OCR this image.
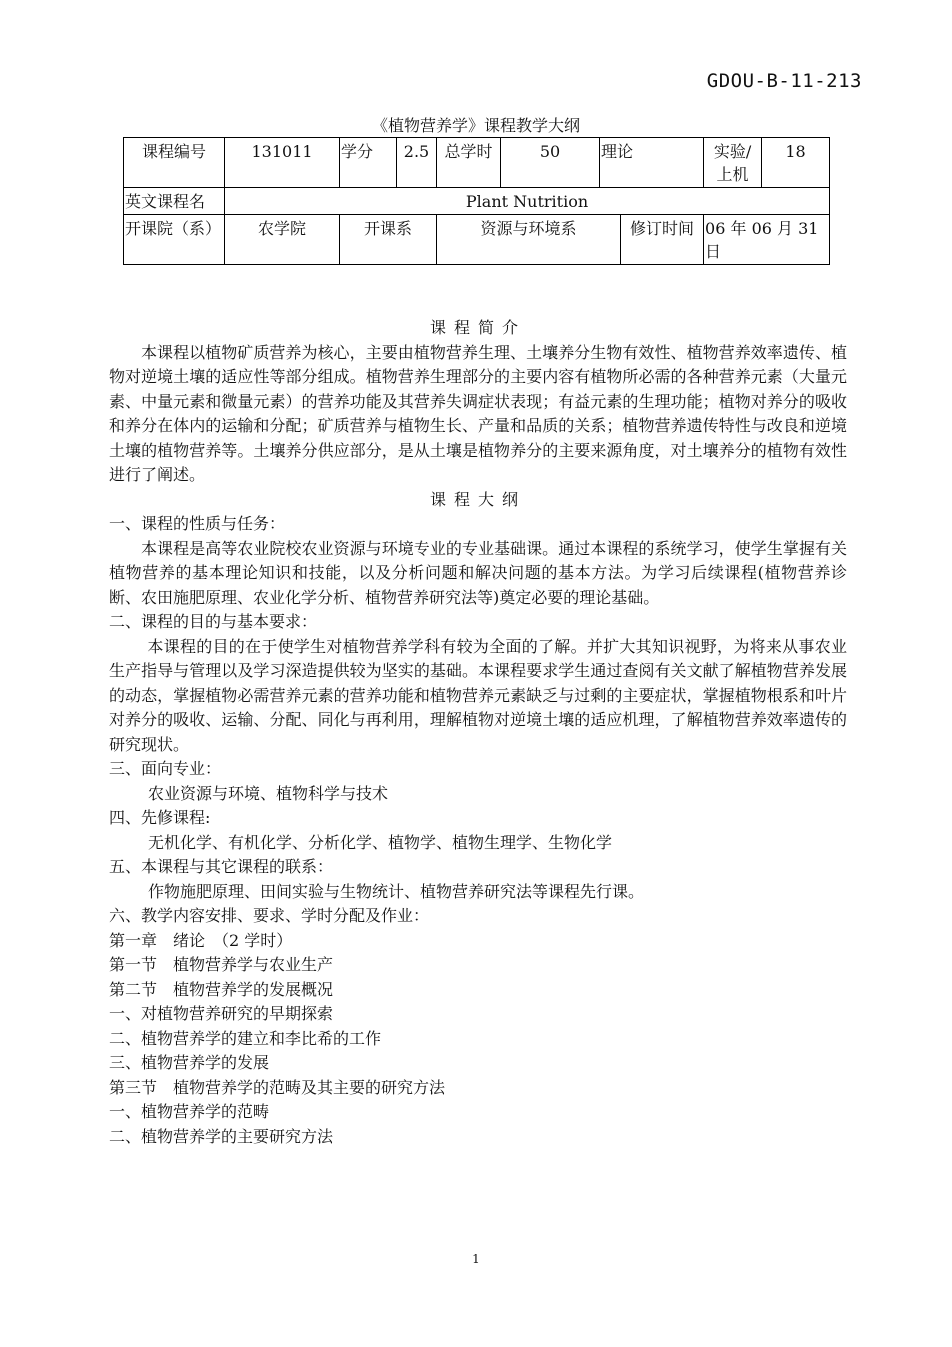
GDOU-B-11-213
《植物营养学》课程教学大纲
课程编号	131011	学分	2.5	总学时	50	理论		实验/上机	18
英文课程名	Plant Nutrition								
开课院（系）	农学院	开课系		资源与环境系			修订时间	06 年 06 月 31 日	

课程简介

本课程以植物矿质营养为核心，主要由植物营养生理、土壤养分生物有效性、植物营养效率遗传、植物对逆境土壤的适应性等部分组成。植物营养生理部分的主要内容有植物所必需的各种营养元素（大量元素、中量元素和微量元素）的营养功能及其营养失调症状表现；有益元素的生理功能；植物对养分的吸收和养分在体内的运输和分配；矿质营养与植物生长、产量和品质的关系；植物营养遗传特性与改良和逆境土壤的植物营养等。土壤养分供应部分，是从土壤是植物养分的主要来源角度，对土壤养分的植物有效性进行了阐述。

课程大纲

一、课程的性质与任务：

本课程是高等农业院校农业资源与环境专业的专业基础课。通过本课程的系统学习，使学生掌握有关植物营养的基本理论知识和技能，以及分析问题和解决问题的基本方法。为学习后续课程(植物营养诊断、农田施肥原理、农业化学分析、植物营养研究法等)奠定必要的理论基础。

二、课程的目的与基本要求：

本课程的目的在于使学生对植物营养学科有较为全面的了解。并扩大其知识视野，为将来从事农业生产指导与管理以及学习深造提供较为坚实的基础。本课程要求学生通过查阅有关文献了解植物营养发展的动态，掌握植物必需营养元素的营养功能和植物营养元素缺乏与过剩的主要症状，掌握植物根系和叶片对养分的吸收、运输、分配、同化与再利用，理解植物对逆境土壤的适应机理，了解植物营养效率遗传的研究现状。

三、面向专业：

农业资源与环境、植物科学与技术

四、先修课程:

无机化学、有机化学、分析化学、植物学、植物生理学、生物化学

五、本课程与其它课程的联系：

作物施肥原理、田间实验与生物统计、植物营养研究法等课程先行课。

六、教学内容安排、要求、学时分配及作业：

第一章　绪论　（2 学时）

第一节　植物营养学与农业生产

第二节　植物营养学的发展概况

一、对植物营养研究的早期探索

二、植物营养学的建立和李比希的工作

三、植物营养学的发展

第三节　植物营养学的范畴及其主要的研究方法

一、植物营养学的范畴

二、植物营养学的主要研究方法

1
